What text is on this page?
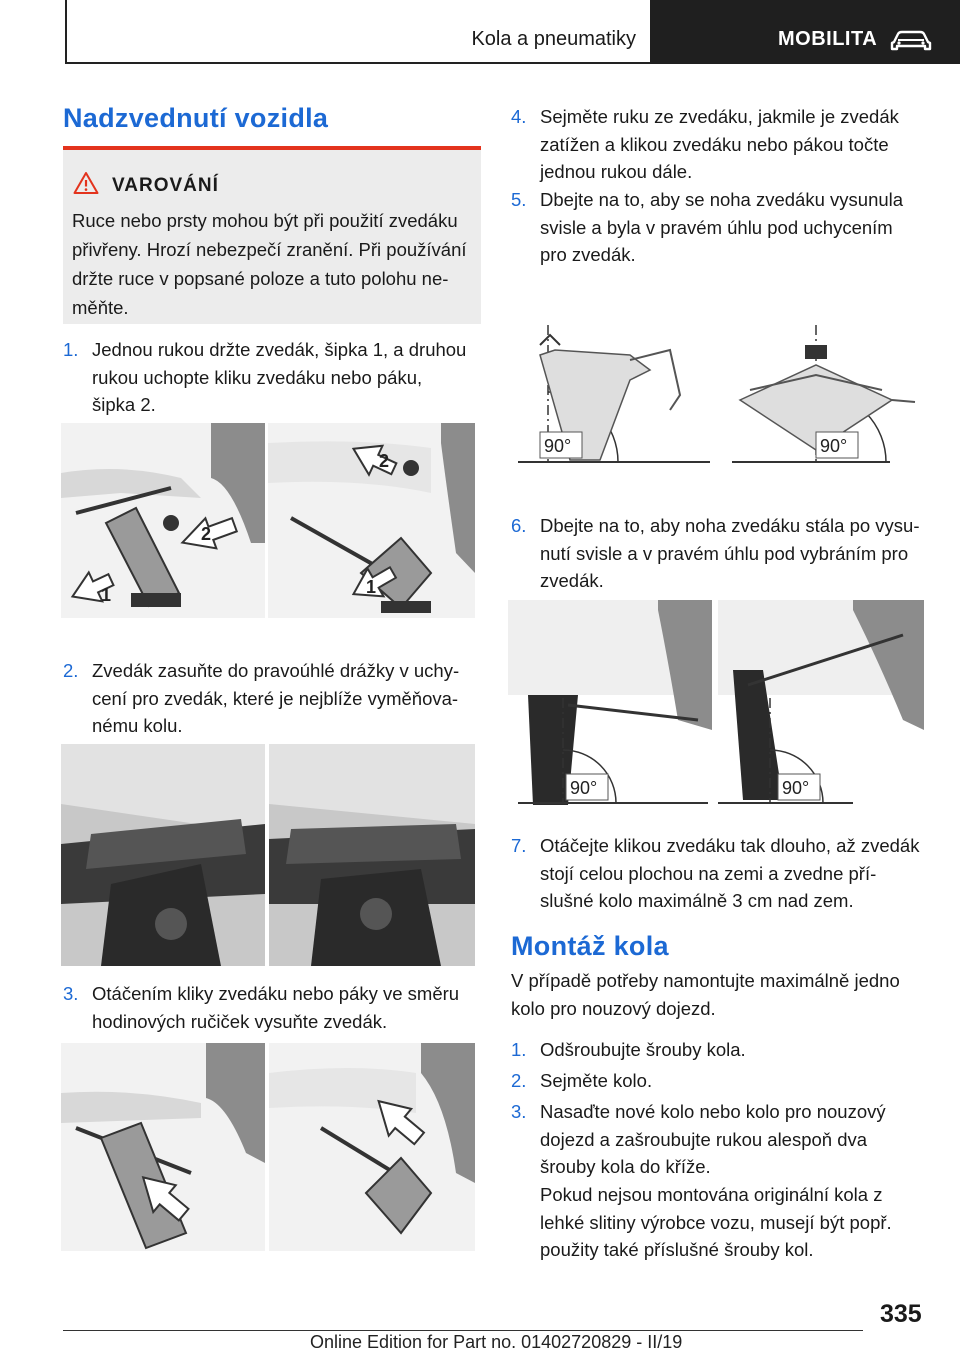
Kola a pneumatiky	MOBILITA
Nadzvednutí vozidla
VAROVÁNÍ
Ruce nebo prsty mohou být při použití zvedáku
přivřeny. Hrozí nebezpečí zranění. Při používání
držte ruce v popsané poloze a tuto polohu ne‐
měňte.
1. Jednou rukou držte zvedák, šipka 1, a druhou
rukou uchopte kliku zvedáku nebo páku,
šipka 2.
1
2
2
1
2. Zvedák zasuňte do pravoúhlé drážky v uchy‐
cení pro zvedák, které je nejblíže vyměňova‐
nému kolu.
3. Otáčením kliky zvedáku nebo páky ve směru
hodinových ručiček vysuňte zvedák.
4. Sejměte ruku ze zvedáku, jakmile je zvedák
zatížen a klikou zvedáku nebo pákou točte
jednou rukou dále.
5. Dbejte na to, aby se noha zvedáku vysunula
svisle a byla v pravém úhlu pod uchycením
pro zvedák.
90°	90°
6. Dbejte na to, aby noha zvedáku stála po vysu‐
nutí svisle a v pravém úhlu pod vybráním pro
zvedák.
90°	90°
7. Otáčejte klikou zvedáku tak dlouho, až zvedák
stojí celou plochou na zemi a zvedne pří‐
slušné kolo maximálně 3 cm nad zem.
Montáž kola
V případě potřeby namontujte maximálně jedno
kolo pro nouzový dojezd.
1. Odšroubujte šrouby kola.
2. Sejměte kolo.
3. Nasaďte nové kolo nebo kolo pro nouzový
dojezd a zašroubujte rukou alespoň dva
šrouby kola do kříže.
Pokud nejsou montována originální kola z
lehké slitiny výrobce vozu, musejí být popř.
použity také příslušné šrouby kol.
335
Online Edition for Part no. 01402720829 - II/19
